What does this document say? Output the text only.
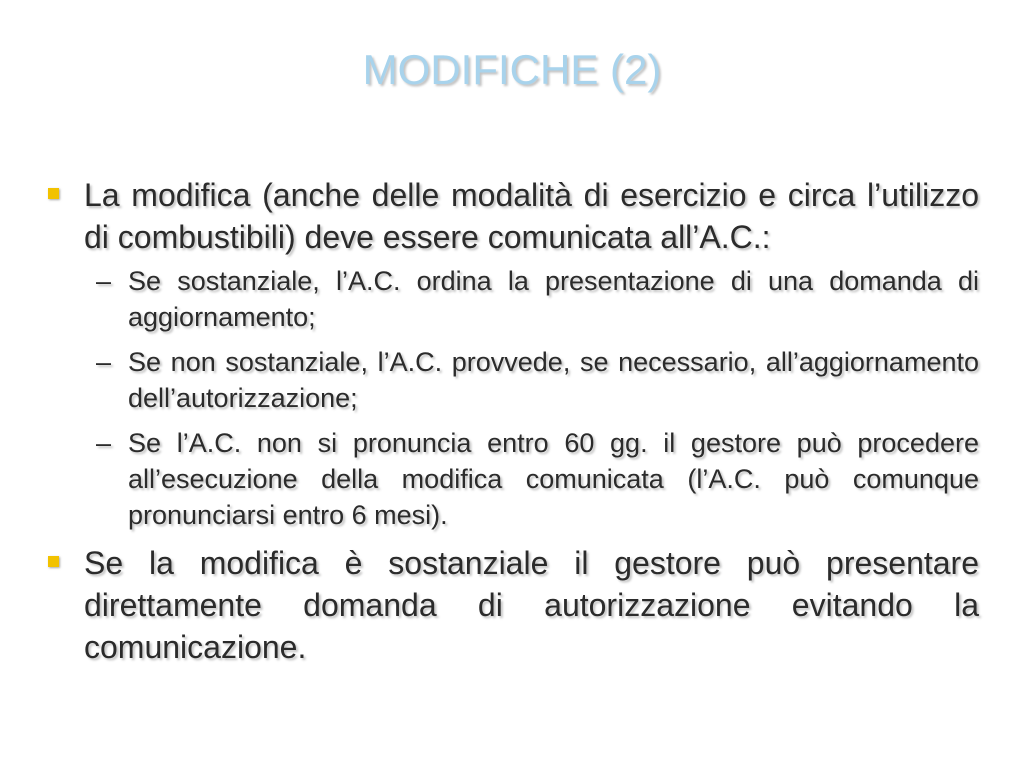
MODIFICHE (2)
La modifica (anche delle modalità di esercizio e circa l’utilizzo di combustibili) deve essere comunicata all’A.C.:
– Se sostanziale, l’A.C. ordina la presentazione di una domanda di aggiornamento;
– Se non sostanziale, l’A.C. provvede, se necessario, all’aggiornamento dell’autorizzazione;
– Se l’A.C. non si pronuncia entro 60 gg. il gestore può procedere all’esecuzione della modifica comunicata (l’A.C. può comunque pronunciarsi entro 6 mesi).
Se la modifica è sostanziale il gestore può presentare direttamente domanda di autorizzazione evitando la comunicazione.
